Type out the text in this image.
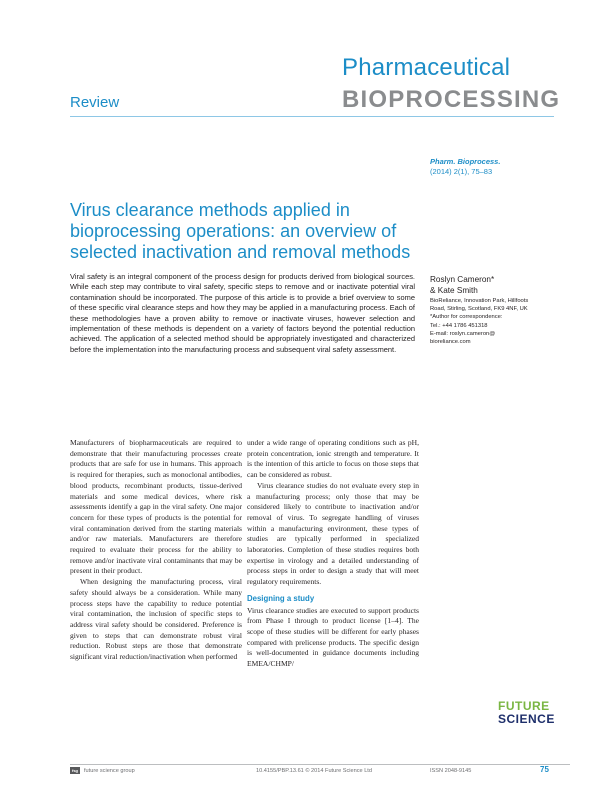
Pharmaceutical
BIOPROCESSING
Review
Pharm. Bioprocess.
(2014) 2(1), 75–83
Virus clearance methods applied in bioprocessing operations: an overview of selected inactivation and removal methods
Viral safety is an integral component of the process design for products derived from biological sources. While each step may contribute to viral safety, specific steps to remove and or inactivate potential viral contamination should be incorporated. The purpose of this article is to provide a brief overview to some of these specific viral clearance steps and how they may be applied in a manufacturing process. Each of these methodologies have a proven ability to remove or inactivate viruses, however selection and implementation of these methods is dependent on a variety of factors beyond the potential reduction achieved. The application of a selected method should be appropriately investigated and characterized before the implementation into the manufacturing process and subsequent viral safety assessment.
Roslyn Cameron*
& Kate Smith
BioReliance, Innovation Park, Hillfoots
Road, Stirling, Scotland, FK9 4NF, UK
*Author for correspondence:
Tel.: +44 1786 451318
E-mail: roslyn.cameron@
bioreliance.com

Manufacturers of biopharmaceuticals are required to demonstrate that their manufacturing processes create products that are safe for use in humans. This approach is required for therapies, such as monoclonal antibodies, blood products, recombinant products, tissue-derived materials and some medical devices, where risk assessments identify a gap in the viral safety. One major concern for these types of products is the potential for viral contamination derived from the starting materials and/or raw materials. Manufacturers are therefore required to evaluate their process for the ability to remove and/or inactivate viral contaminants that may be present in their product.

When designing the manufacturing process, viral safety should always be a consideration. While many process steps have the capability to reduce potential viral contamination, the inclusion of specific steps to address viral safety should be considered. Preference is given to steps that can demonstrate robust viral reduction. Robust steps are those that demonstrate significant viral reduction/inactivation when performed

under a wide range of operating conditions such as pH, protein concentration, ionic strength and temperature. It is the intention of this article to focus on those steps that can be considered as robust.

Virus clearance studies do not evaluate every step in a manufacturing process; only those that may be considered likely to contribute to inactivation and/or removal of virus. To segregate handling of viruses within a manufacturing environment, these types of studies are typically performed in specialized laboratories. Completion of these studies requires both expertise in virology and a detailed understanding of process steps in order to design a study that will meet regulatory requirements.

Designing a study

Virus clearance studies are executed to support products from Phase I through to product license [1–4]. The scope of these studies will be different for early phases compared with prelicense products. The specific design is well-documented in guidance documents including EMEA/CHMP/

FUTURE
SCIENCE
fsg	future science group	10.4155/PBP.13.61 © 2014 Future Science Ltd	ISSN 2048-9145	75
